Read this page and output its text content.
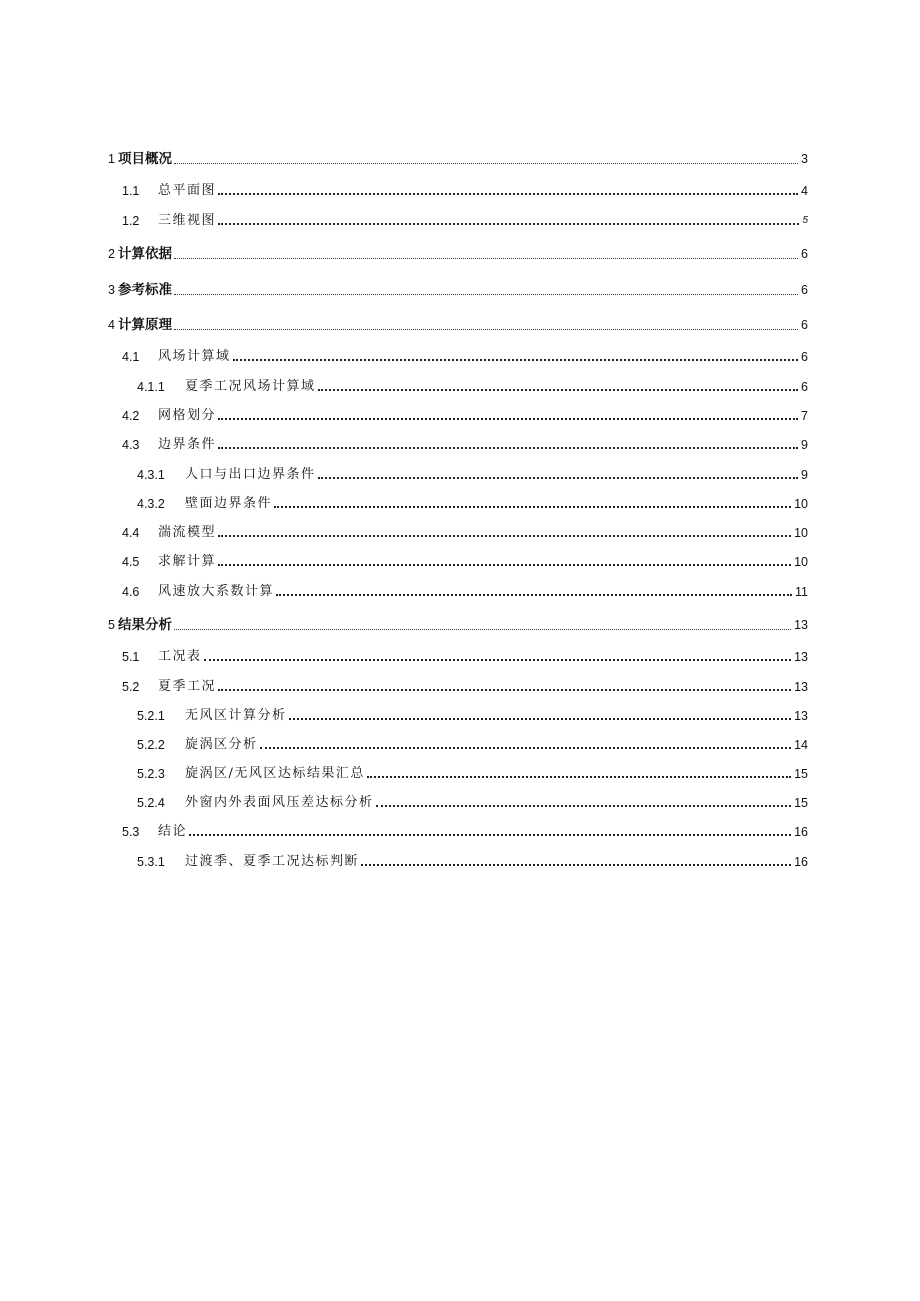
1 项目概况	3
1.1	总平面图	4
1.2	三维视图	5
2 计算依据	6
3 参考标准	6
4 计算原理	6
4.1	风场计算域	6
4.1.1	夏季工况风场计算域	6
4.2	网格划分	7
4.3	边界条件	9
4.3.1	人口与出口边界条件	9
4.3.2	壁面边界条件	10
4.4	湍流模型	10
4.5	求解计算	10
4.6	风速放大系数计算	11
5 结果分析	13
5.1	工况表	13
5.2	夏季工况	13
5.2.1	无风区计算分析	13
5.2.2	旋涡区分析	14
5.2.3	旋涡区/无风区达标结果汇总	15
5.2.4	外窗内外表面风压差达标分析	15
5.3	结论	16
5.3.1	过渡季、夏季工况达标判断	16
